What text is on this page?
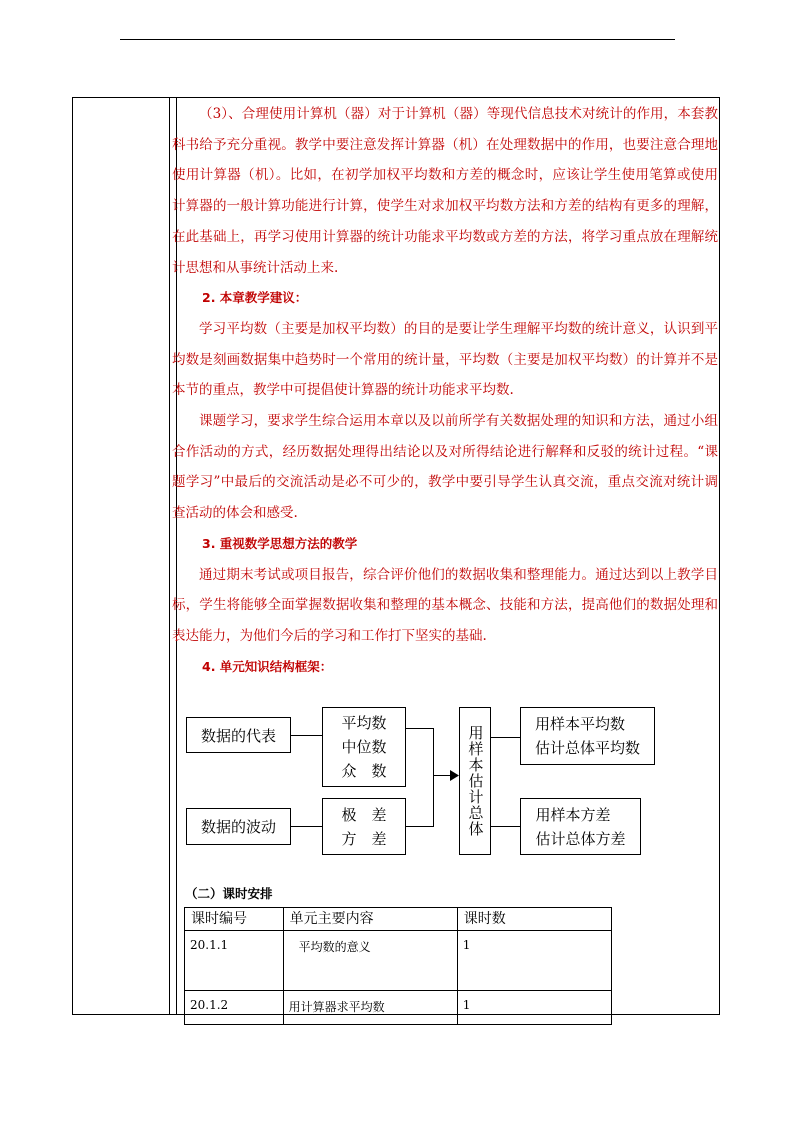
（3）、合理使用计算机（器）对于计算机（器）等现代信息技术对统计的作用，本套教科书给予充分重视。教学中要注意发挥计算器（机）在处理数据中的作用，也要注意合理地使用计算器（机）。比如，在初学加权平均数和方差的概念时，应该让学生使用笔算或使用计算器的一般计算功能进行计算，使学生对求加权平均数方法和方差的结构有更多的理解，在此基础上，再学习使用计算器的统计功能求平均数或方差的方法，将学习重点放在理解统计思想和从事统计活动上来.

2. 本章教学建议：

学习平均数（主要是加权平均数）的目的是要让学生理解平均数的统计意义，认识到平均数是刻画数据集中趋势时一个常用的统计量，平均数（主要是加权平均数）的计算并不是本节的重点，教学中可提倡使计算器的统计功能求平均数.

课题学习，要求学生综合运用本章以及以前所学有关数据处理的知识和方法，通过小组合作活动的方式，经历数据处理得出结论以及对所得结论进行解释和反驳的统计过程。“课题学习”中最后的交流活动是必不可少的，教学中要引导学生认真交流，重点交流对统计调查活动的体会和感受.

3. 重视数学思想方法的教学

通过期末考试或项目报告，综合评价他们的数据收集和整理能力。通过达到以上教学目标，学生将能够全面掌握数据收集和整理的基本概念、技能和方法，提高他们的数据处理和表达能力，为他们今后的学习和工作打下坚实的基础.

4. 单元知识结构框架：

数据的代表
平均数
中位数
众　数
数据的波动
极　差
方　差
用样本估计总体
用样本平均数
估计总体平均数
用样本方差
估计总体方差
（二）课时安排
课时编号	单元主要内容	课时数
20.1.1	平均数的意义	1
20.1.2	用计算器求平均数	1
